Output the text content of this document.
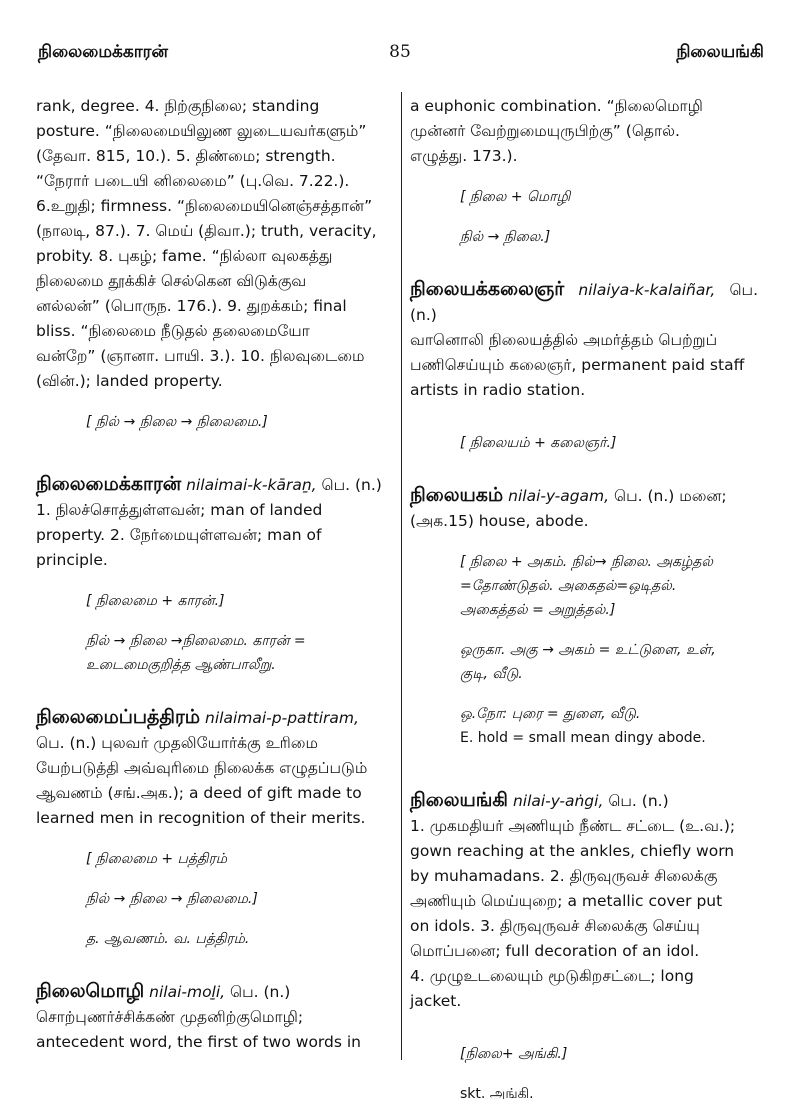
நிலைமைக்காரன்	85	நிலையங்கி

rank, degree. 4. நிற்குநிலை; standing

posture. “நிலைமையிலுண லுடையவர்களும்”

(தேவா. 815, 10.). 5. திண்மை; strength.

“நேரார் படையி னிலைமை” (பு.வெ. 7.22.).

6.உறுதி; firmness. “நிலைமையினெஞ்சத்தான்”

(நாலடி, 87.). 7. மெய் (திவா.); truth, veracity,

probity. 8. புகழ்; fame. “நில்லா வுலகத்து

நிலைமை தூக்கிச் செல்கென விடுக்குவ

னல்லன்” (பொருந. 176.). 9. துறக்கம்; final

bliss. “நிலைமை நீடுதல் தலைமையோ

வன்றே” (ஞானா. பாயி. 3.). 10. நிலவுடைமை

(வின்.); landed property.

[ நில் → நிலை → நிலைமை.]

நிலைமைக்காரன் nilaimai-k-kāraṉ, பெ. (n.)

1. நிலச்சொத்துள்ளவன்; man of landed

property. 2. நேர்மையுள்ளவன்; man of

principle.

[ நிலைமை + காரன்.]

நில் → நிலை →நிலைமை. காரன் =

உடைமைகுறித்த ஆண்பாலீறு.

நிலைமைப்பத்திரம் nilaimai-p-pattiram,

பெ. (n.) புலவர் முதலியோர்க்கு உரிமை

யேற்படுத்தி அவ்வுரிமை நிலைக்க எழுதப்படும்

ஆவணம் (சங்.அக.); a deed of gift made to

learned men in recognition of their merits.

[ நிலைமை + பத்திரம்

நில் → நிலை → நிலைமை.]

த. ஆவணம். வ. பத்திரம்.

நிலைமொழி nilai-moḻi, பெ. (n.)

சொற்புணர்ச்சிக்கண் முதனிற்குமொழி;

antecedent word, the first of two words in

a euphonic combination. “நிலைமொழி

முன்னர் வேற்றுமையுருபிற்கு” (தொல்.

எழுத்து. 173.).

[ நிலை + மொழி

நில் → நிலை.]

நிலையக்கலைஞர் nilaiya-k-kalaiñar, பெ. (n.)

வானொலி நிலையத்தில் அமர்த்தம் பெற்றுப்

பணிசெய்யும் கலைஞர், permanent paid staff

artists in radio station.

[ நிலையம் + கலைஞர்.]

நிலையகம் nilai-y-agam, பெ. (n.) மனை;

(அக.15) house, abode.

[ நிலை + அகம். நில்→ நிலை. அகழ்தல்

=தோண்டுதல். அகைதல்=ஒடிதல்.

அகைத்தல் = அறுத்தல்.]

ஒருகா. அகு → அகம் = உட்டுளை, உள்,

குடி, வீடு.

ஒ.நோ: புரை = துளை, வீடு.

E. hold = small mean dingy abode.

நிலையங்கி nilai-y-aṅgi, பெ. (n.)

1. முகமதியர் அணியும் நீண்ட சட்டை (உ.வ.);

gown reaching at the ankles, chiefly worn

by muhamadans. 2. திருவுருவச் சிலைக்கு

அணியும் மெய்யுறை; a metallic cover put

on idols. 3. திருவுருவச் சிலைக்கு செய்யு

மொப்பனை; full decoration of an idol.

4. முழுஉடலையும் மூடுகிறசட்டை; long

jacket.

[நிலை+ அங்கி.]

skt. அங்கி.
